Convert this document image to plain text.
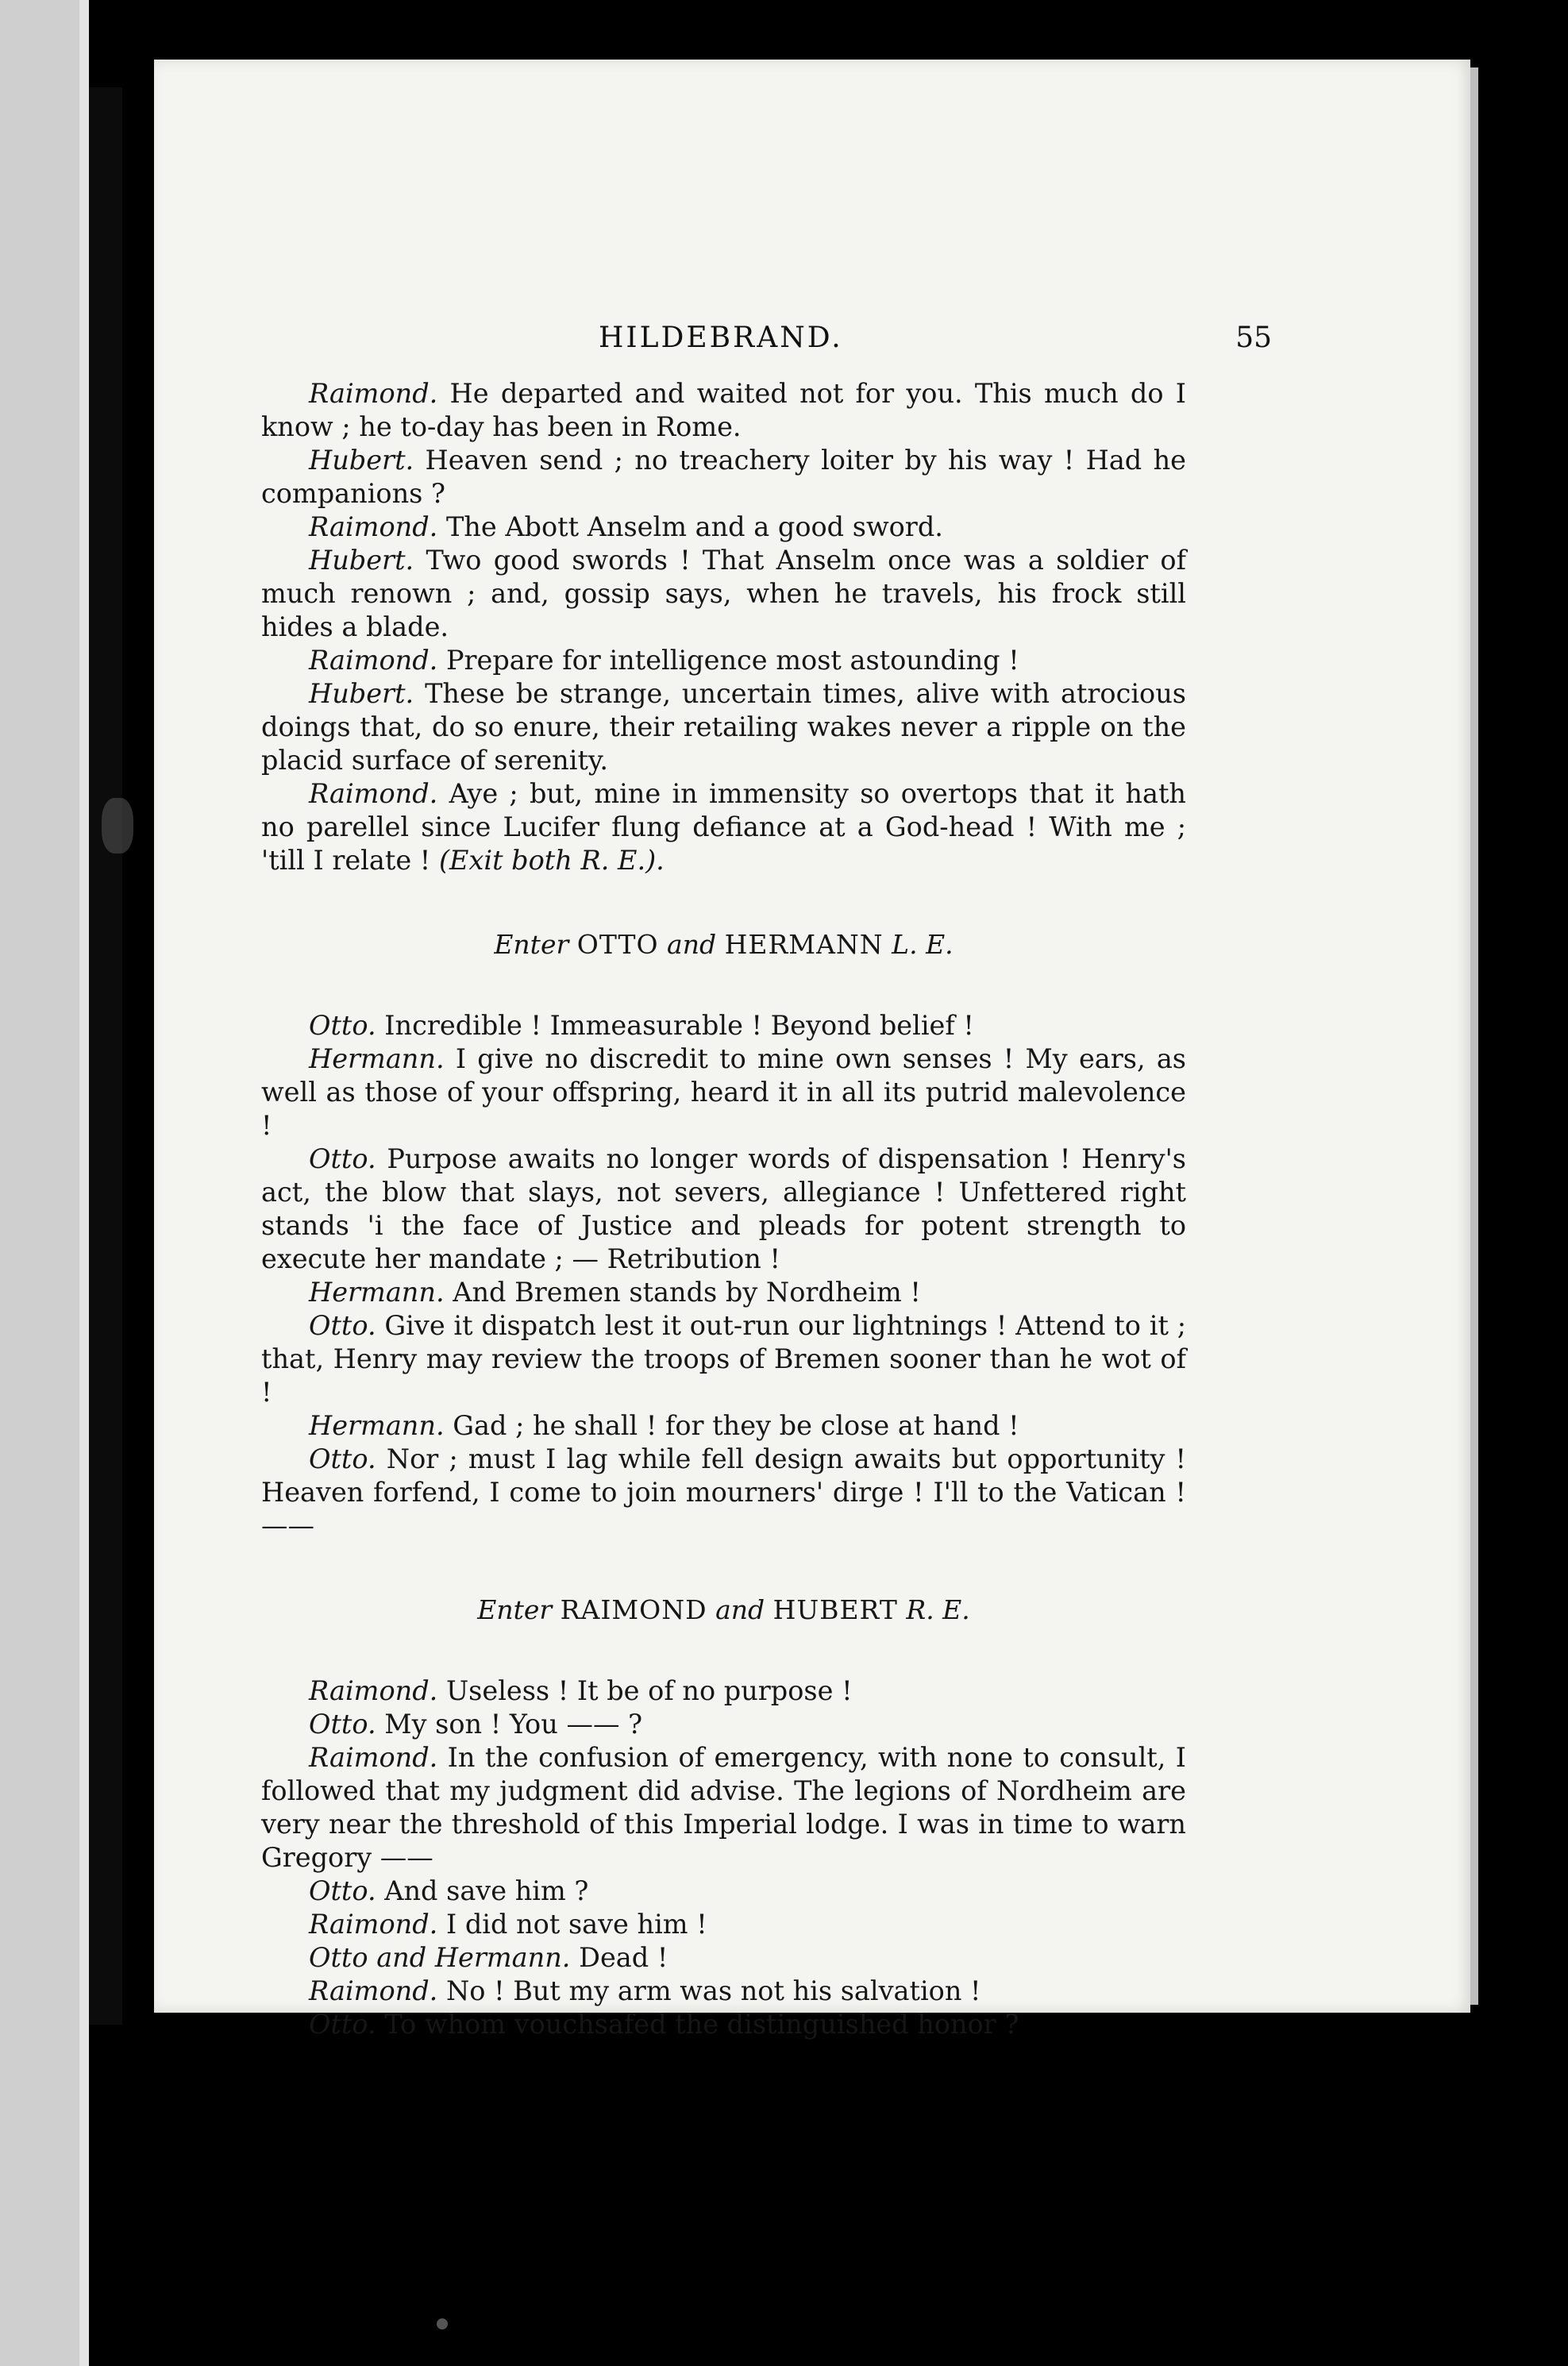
HILDEBRAND.	55

Raimond. He departed and waited not for you. This much do I know ; he to-day has been in Rome.

Hubert. Heaven send ; no treachery loiter by his way ! Had he companions ?

Raimond. The Abott Anselm and a good sword.

Hubert. Two good swords ! That Anselm once was a soldier of much renown ; and, gossip says, when he travels, his frock still hides a blade.

Raimond. Prepare for intelligence most astounding !

Hubert. These be strange, uncertain times, alive with atrocious doings that, do so enure, their retailing wakes never a ripple on the placid surface of serenity.

Raimond. Aye ; but, mine in immensity so overtops that it hath no parellel since Lucifer flung defiance at a God-head ! With me ; 'till I relate ! (Exit both R. E.).

Enter OTTO and HERMANN L. E.

Otto. Incredible ! Immeasurable ! Beyond belief !

Hermann. I give no discredit to mine own senses ! My ears, as well as those of your offspring, heard it in all its putrid malevolence !

Otto. Purpose awaits no longer words of dispensation ! Henry's act, the blow that slays, not severs, allegiance ! Unfettered right stands 'i the face of Justice and pleads for potent strength to execute her mandate ; — Retribution !

Hermann. And Bremen stands by Nordheim !

Otto. Give it dispatch lest it out-run our lightnings ! Attend to it ; that, Henry may review the troops of Bremen sooner than he wot of !

Hermann. Gad ; he shall ! for they be close at hand !

Otto. Nor ; must I lag while fell design awaits but opportunity ! Heaven forfend, I come to join mourners' dirge ! I'll to the Vatican ! ——

Enter RAIMOND and HUBERT R. E.

Raimond. Useless ! It be of no purpose !

Otto. My son ! You —— ?

Raimond. In the confusion of emergency, with none to consult, I followed that my judgment did advise. The legions of Nordheim are very near the threshold of this Imperial lodge. I was in time to warn Gregory ——

Otto. And save him ?

Raimond. I did not save him !

Otto and Hermann. Dead !

Raimond. No ! But my arm was not his salvation !

Otto. To whom vouchsafed the distinguished honor ?
